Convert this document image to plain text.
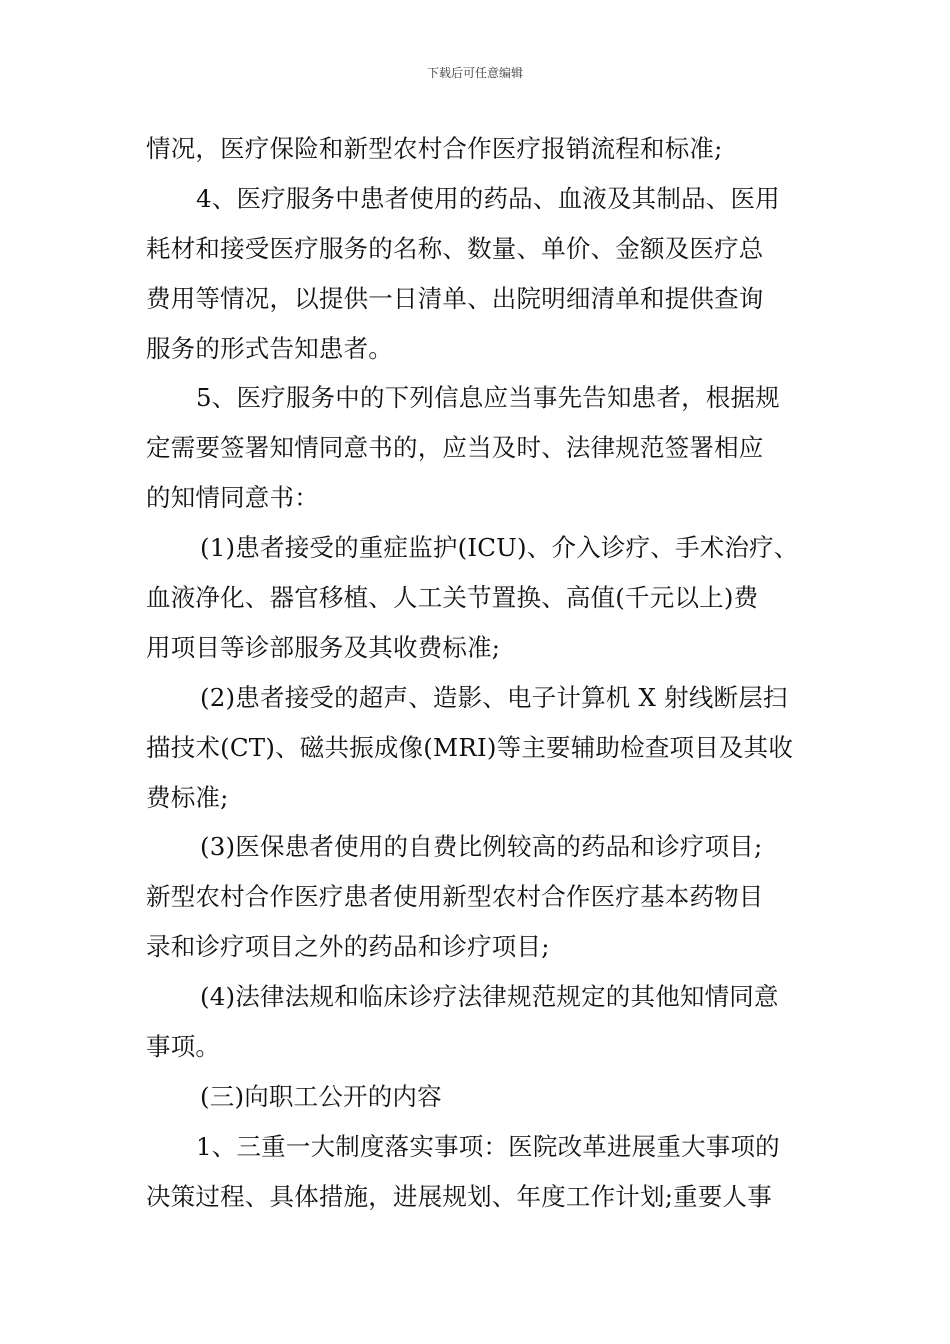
下载后可任意编辑
情况，医疗保险和新型农村合作医疗报销流程和标准;
4、医疗服务中患者使用的药品、血液及其制品、医用
耗材和接受医疗服务的名称、数量、单价、金额及医疗总
费用等情况，以提供一日清单、出院明细清单和提供查询
服务的形式告知患者。
5、医疗服务中的下列信息应当事先告知患者，根据规
定需要签署知情同意书的，应当及时、法律规范签署相应
的知情同意书：
(1)患者接受的重症监护(ICU)、介入诊疗、手术治疗、
血液净化、器官移植、人工关节置换、高值(千元以上)费
用项目等诊部服务及其收费标准;
(2)患者接受的超声、造影、电子计算机 X 射线断层扫
描技术(CT)、磁共振成像(MRI)等主要辅助检查项目及其收
费标准;
(3)医保患者使用的自费比例较高的药品和诊疗项目;
新型农村合作医疗患者使用新型农村合作医疗基本药物目
录和诊疗项目之外的药品和诊疗项目;
(4)法律法规和临床诊疗法律规范规定的其他知情同意
事项。
(三)向职工公开的内容
1、三重一大制度落实事项：医院改革进展重大事项的
决策过程、具体措施，进展规划、年度工作计划;重要人事
